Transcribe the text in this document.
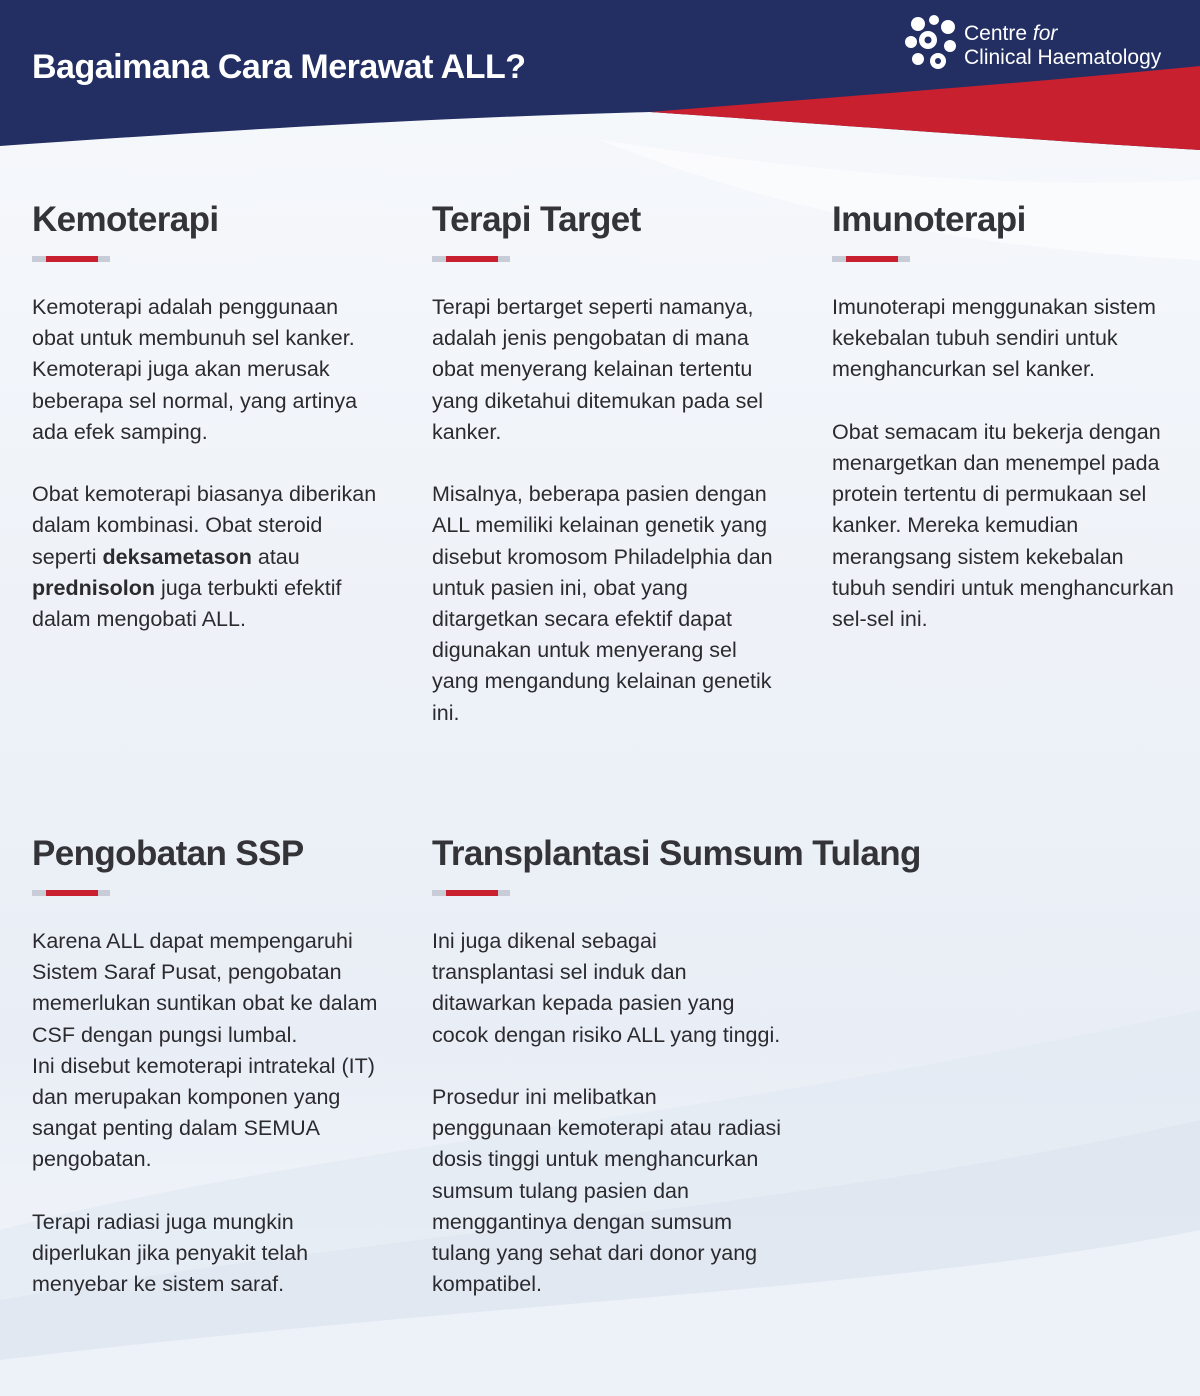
Bagaimana Cara Merawat ALL?
Centre for
Clinical Haematology
Kemoterapi

Kemoterapi adalah penggunaan obat untuk membunuh sel kanker. Kemoterapi juga akan merusak beberapa sel normal, yang artinya ada efek samping.

Obat kemoterapi biasanya diberikan dalam kombinasi. Obat steroid seperti deksametason atau prednisolon juga terbukti efektif dalam mengobati ALL.

Terapi Target

Terapi bertarget seperti namanya, adalah jenis pengobatan di mana obat menyerang kelainan tertentu yang diketahui ditemukan pada sel kanker.

Misalnya, beberapa pasien dengan ALL memiliki kelainan genetik yang disebut kromosom Philadelphia dan untuk pasien ini, obat yang ditargetkan secara efektif dapat digunakan untuk menyerang sel yang mengandung kelainan genetik ini.

Imunoterapi

Imunoterapi menggunakan sistem kekebalan tubuh sendiri untuk menghancurkan sel kanker.

Obat semacam itu bekerja dengan menargetkan dan menempel pada protein tertentu di permukaan sel kanker. Mereka kemudian merangsang sistem kekebalan tubuh sendiri untuk menghancurkan sel-sel ini.

Pengobatan SSP

Karena ALL dapat mempengaruhi Sistem Saraf Pusat, pengobatan memerlukan suntikan obat ke dalam CSF dengan pungsi lumbal.

Ini disebut kemoterapi intratekal (IT) dan merupakan komponen yang sangat penting dalam SEMUA pengobatan.

Terapi radiasi juga mungkin diperlukan jika penyakit telah menyebar ke sistem saraf.

Transplantasi Sumsum Tulang

Ini juga dikenal sebagai transplantasi sel induk dan ditawarkan kepada pasien yang cocok dengan risiko ALL yang tinggi.

Prosedur ini melibatkan penggunaan kemoterapi atau radiasi dosis tinggi untuk menghancurkan sumsum tulang pasien dan menggantinya dengan sumsum tulang yang sehat dari donor yang kompatibel.
